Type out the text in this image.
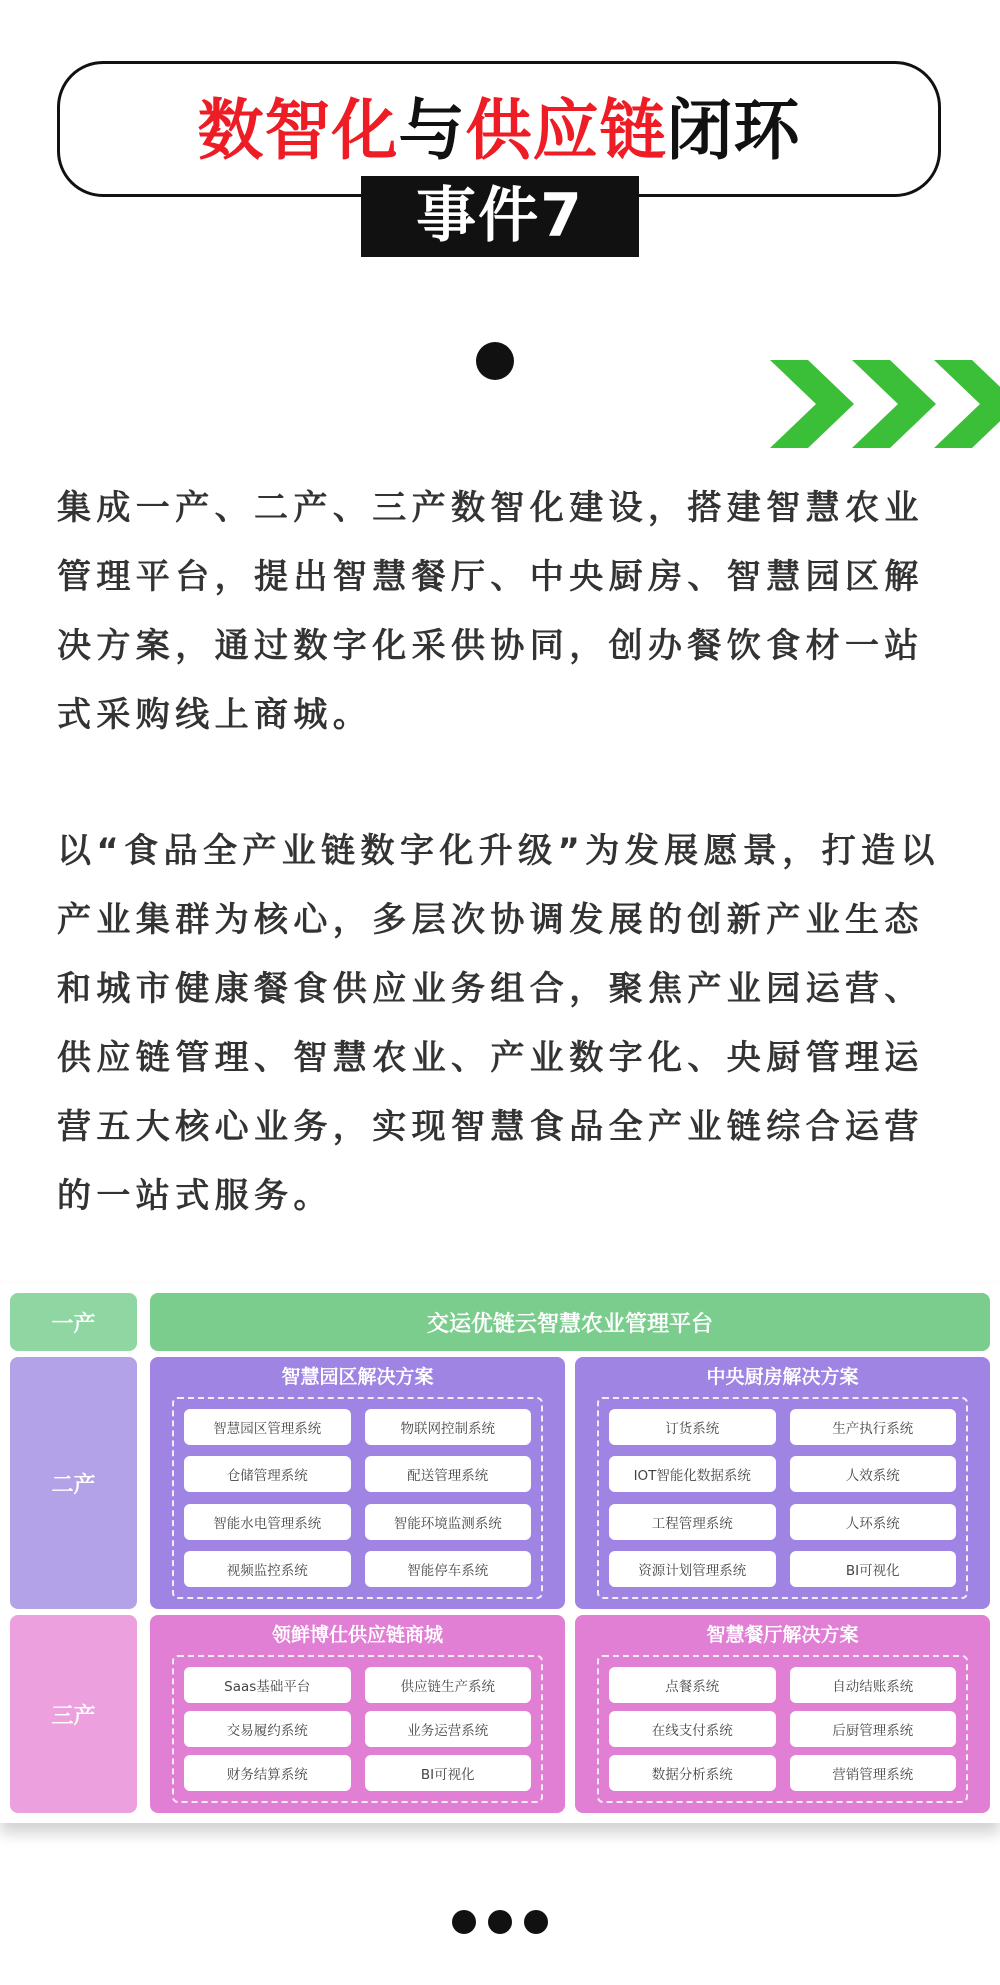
数智化与供应链闭环
事件7
集成一产、二产、三产数智化建设，搭建智慧农业管理平台，提出智慧餐厅、中央厨房、智慧园区解决方案，通过数字化采供协同，创办餐饮食材一站式采购线上商城。
以“食品全产业链数字化升级”为发展愿景，打造以产业集群为核心，多层次协调发展的创新产业生态和城市健康餐食供应业务组合，聚焦产业园运营、供应链管理、智慧农业、产业数字化、央厨管理运营五大核心业务，实现智慧食品全产业链综合运营的一站式服务。
一产
二产
三产
交运优链云智慧农业管理平台
智慧园区解决方案
智慧园区管理系统	物联网控制系统
仓储管理系统	配送管理系统
智能水电管理系统	智能环境监测系统
视频监控系统	智能停车系统
中央厨房解决方案
订货系统	生产执行系统
IOT智能化数据系统	人效系统
工程管理系统	人环系统
资源计划管理系统	BI可视化
领鲜博仕供应链商城
Saas基础平台	供应链生产系统
交易履约系统	业务运营系统
财务结算系统	BI可视化
智慧餐厅解决方案
点餐系统	自动结账系统
在线支付系统	后厨管理系统
数据分析系统	营销管理系统
